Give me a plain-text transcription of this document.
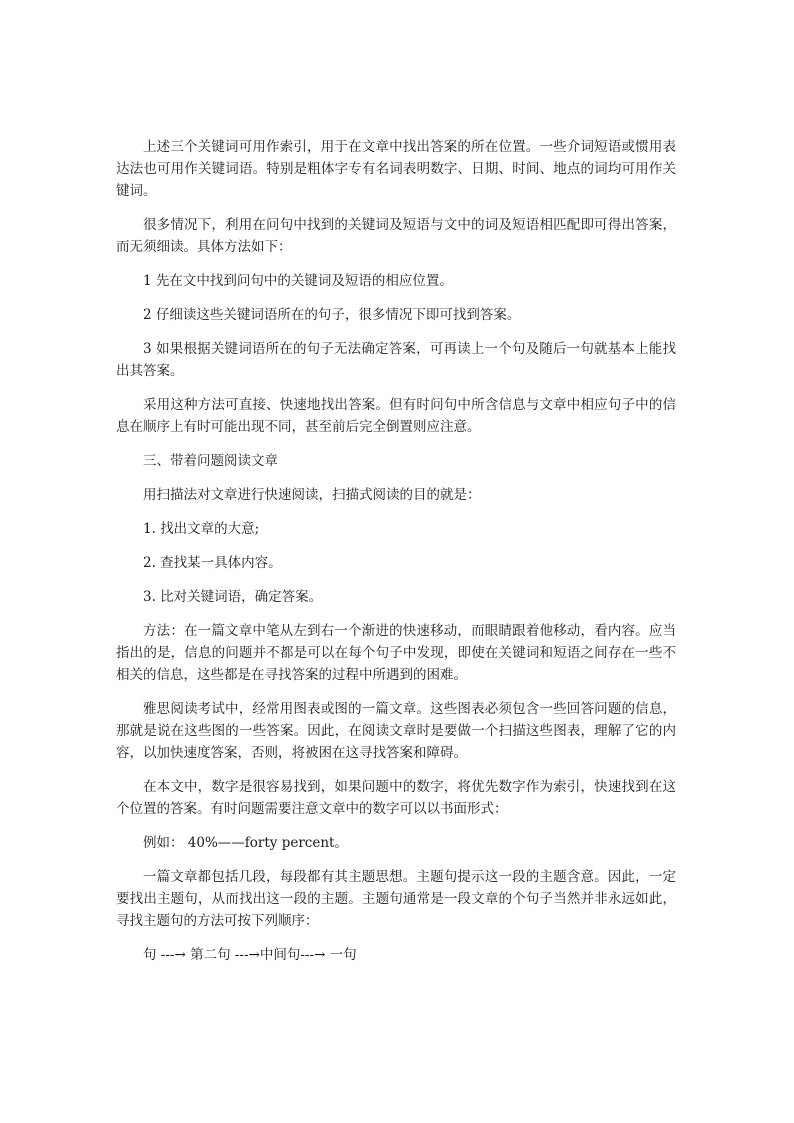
上述三个关键词可用作索引，用于在文章中找出答案的所在位置。一些介词短语或惯用表达法也可用作关键词语。特别是粗体字专有名词表明数字、日期、时间、地点的词均可用作关键词。

很多情况下，利用在问句中找到的关键词及短语与文中的词及短语相匹配即可得出答案，而无须细读。具体方法如下：

1 先在文中找到问句中的关键词及短语的相应位置。

2 仔细读这些关键词语所在的句子，很多情况下即可找到答案。

3 如果根据关键词语所在的句子无法确定答案，可再读上一个句及随后一句就基本上能找出其答案。

采用这种方法可直接、快速地找出答案。但有时问句中所含信息与文章中相应句子中的信息在顺序上有时可能出现不同，甚至前后完全倒置则应注意。

三、带着问题阅读文章

用扫描法对文章进行快速阅读，扫描式阅读的目的就是：

1. 找出文章的大意;

2. 查找某一具体内容。

3. 比对关键词语，确定答案。

方法：在一篇文章中笔从左到右一个渐进的快速移动，而眼睛跟着他移动，看内容。应当指出的是，信息的问题并不都是可以在每个句子中发现，即使在关键词和短语之间存在一些不相关的信息，这些都是在寻找答案的过程中所遇到的困难。

雅思阅读考试中，经常用图表或图的一篇文章。这些图表必须包含一些回答问题的信息，那就是说在这些图的一些答案。因此，在阅读文章时是要做一个扫描这些图表，理解了它的内容，以加快速度答案，否则，将被困在这寻找答案和障碍。

在本文中，数字是很容易找到，如果问题中的数字，将优先数字作为索引，快速找到在这个位置的答案。有时问题需要注意文章中的数字可以以书面形式：

例如： 40%——forty percent。

一篇文章都包括几段，每段都有其主题思想。主题句提示这一段的主题含意。因此，一定要找出主题句，从而找出这一段的主题。主题句通常是一段文章的个句子当然并非永远如此，寻找主题句的方法可按下列顺序：

句 ---→ 第二句 ---→中间句---→ 一句
